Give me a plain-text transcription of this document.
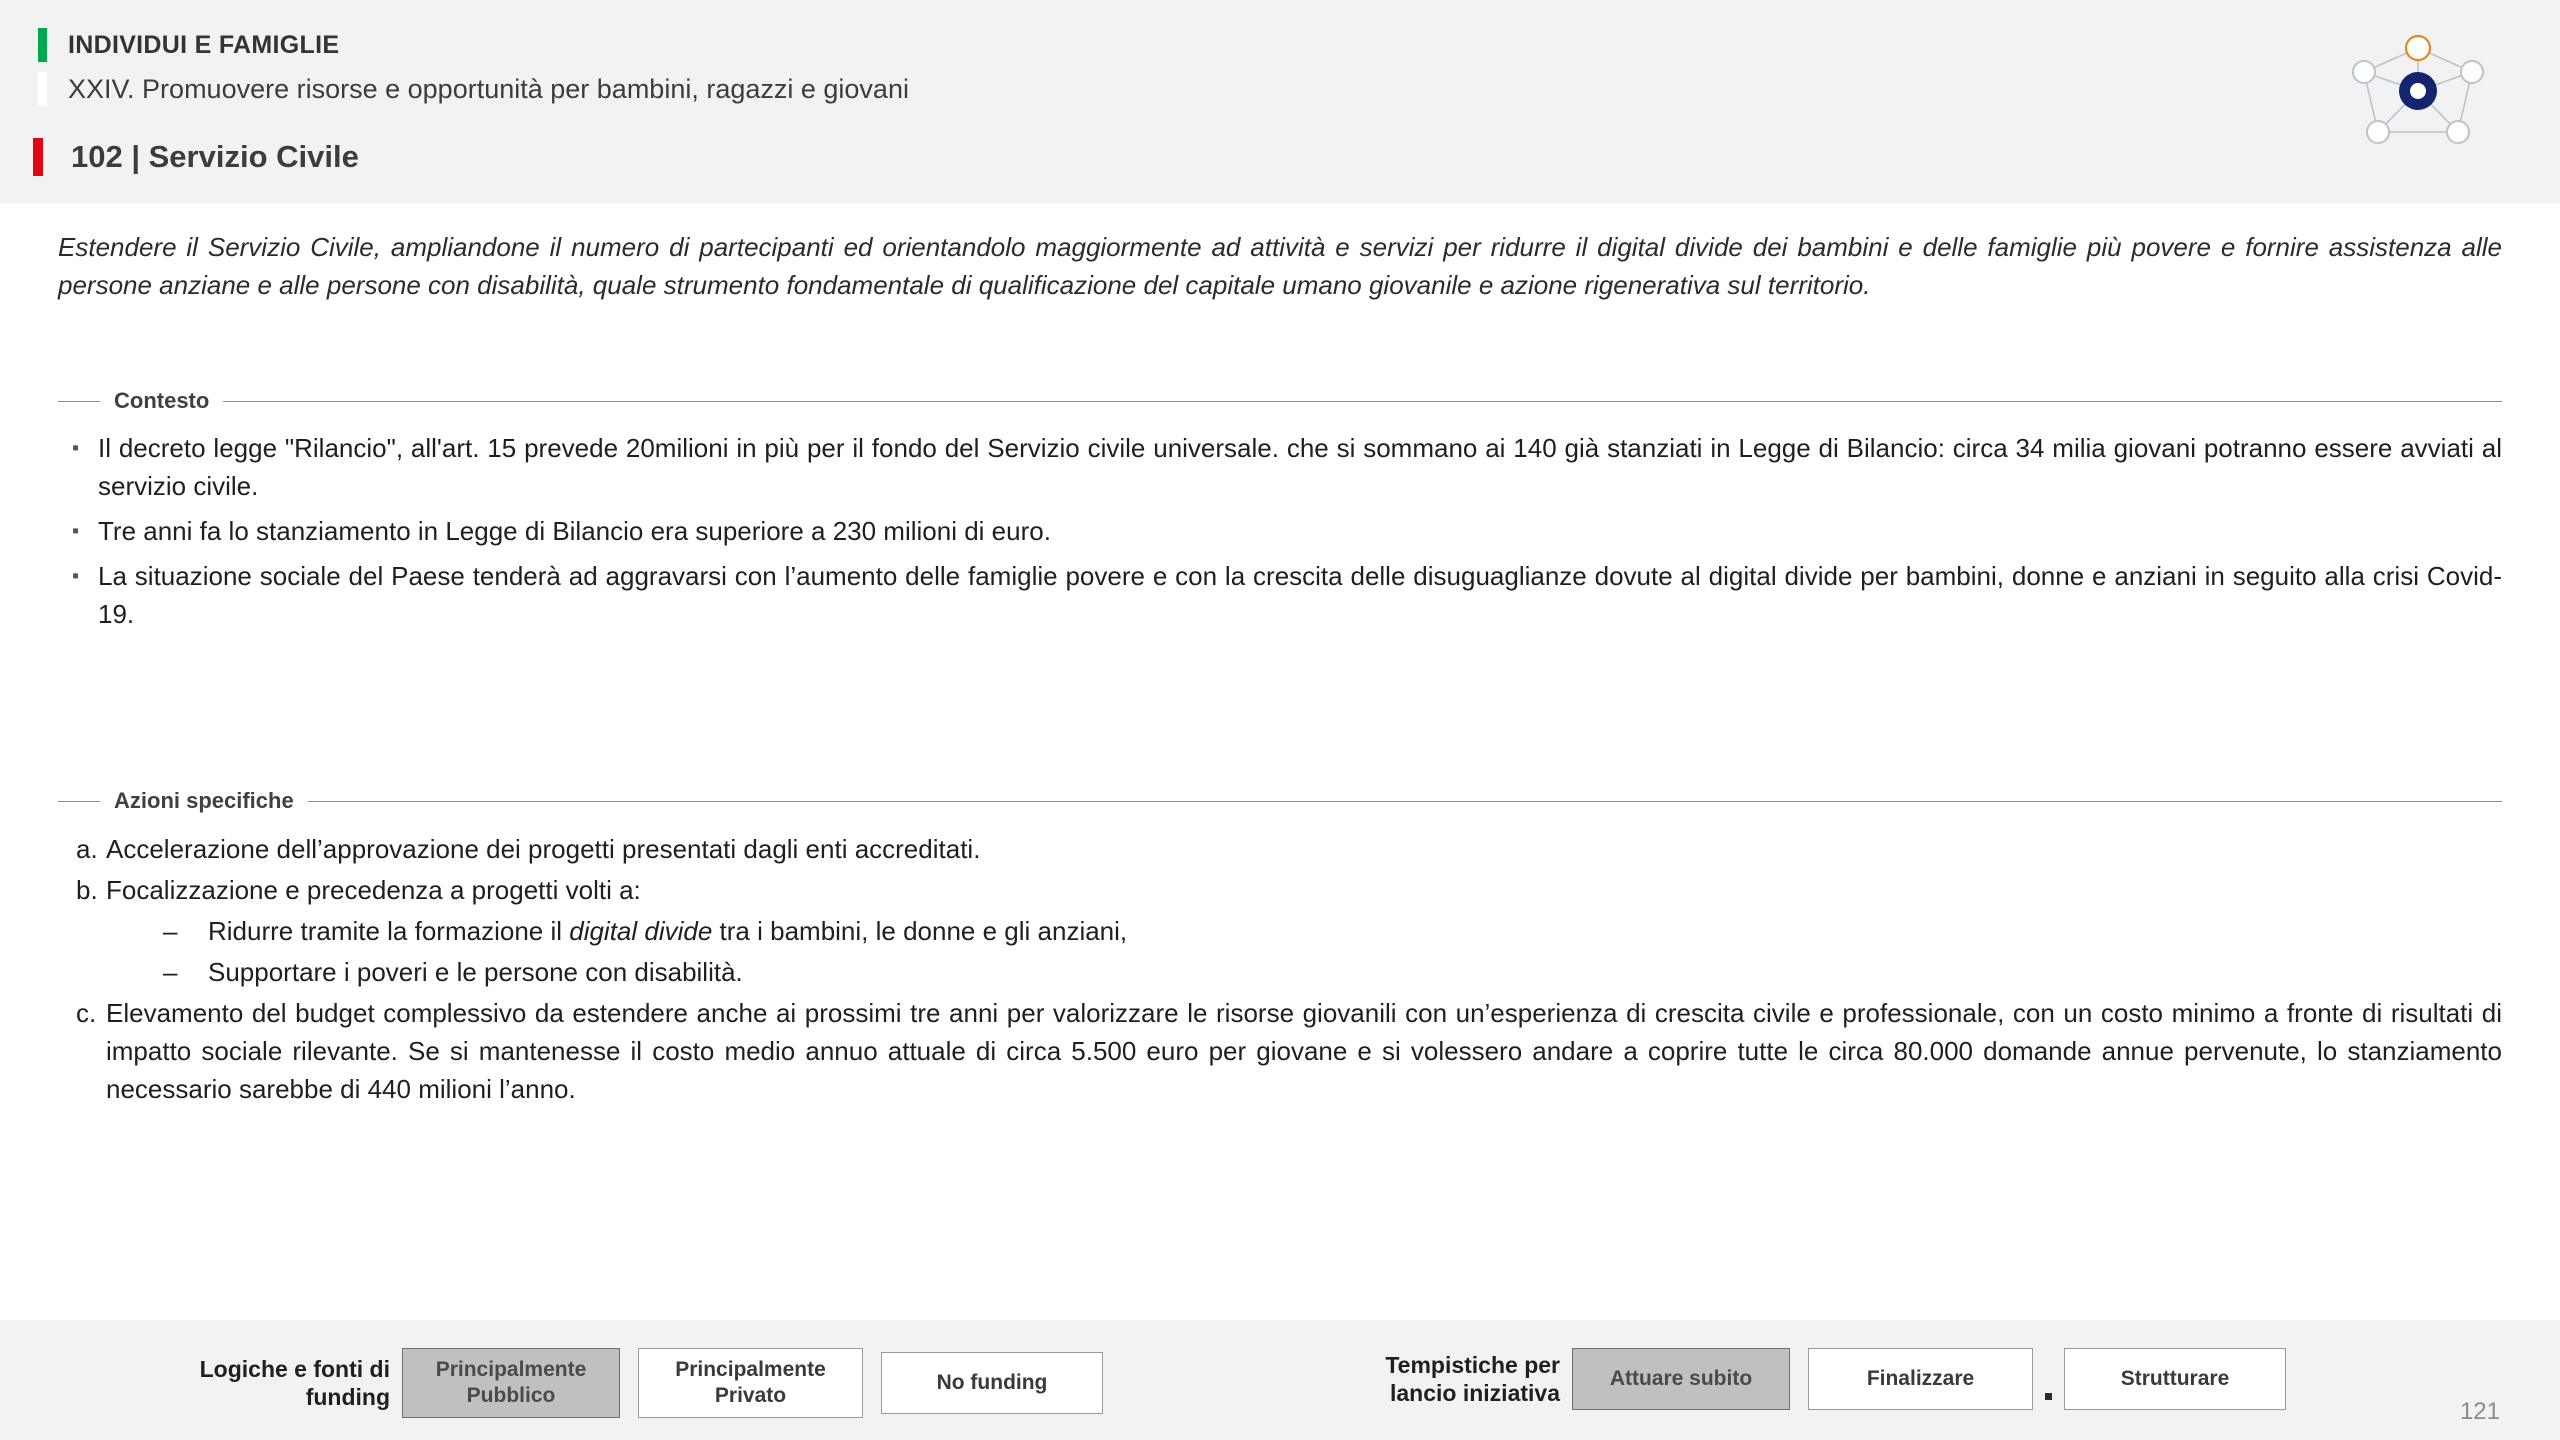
INDIVIDUI E FAMIGLIE
XXIV. Promuovere risorse e opportunità per bambini, ragazzi e giovani
102 | Servizio Civile
Estendere il Servizio Civile, ampliandone il numero di partecipanti ed orientandolo maggiormente ad attività e servizi per ridurre il digital divide dei bambini e delle famiglie più povere e fornire assistenza alle persone anziane e alle persone con disabilità, quale strumento fondamentale di qualificazione del capitale umano giovanile e azione rigenerativa sul territorio.
Contesto
▪ Il decreto legge "Rilancio", all'art. 15 prevede 20milioni in più per il fondo del Servizio civile universale. che si sommano ai 140 già stanziati in Legge di Bilancio: circa 34 milia giovani potranno essere avviati al servizio civile.
▪ Tre anni fa lo stanziamento in Legge di Bilancio era superiore a 230 milioni di euro.
▪ La situazione sociale del Paese tenderà ad aggravarsi con l’aumento delle famiglie povere e con la crescita delle disuguaglianze dovute al digital divide per bambini, donne e anziani in seguito alla crisi Covid-19.
Azioni specifiche
a. Accelerazione dell’approvazione dei progetti presentati dagli enti accreditati.
b. Focalizzazione e precedenza a progetti volti a:
–	Ridurre tramite la formazione il digital divide tra i bambini, le donne e gli anziani,
–	Supportare i poveri e le persone con disabilità.
c. Elevamento del budget complessivo da estendere anche ai prossimi tre anni per valorizzare le risorse giovanili con un’esperienza di crescita civile e professionale, con un costo minimo a fronte di risultati di impatto sociale rilevante. Se si mantenesse il costo medio annuo attuale di circa 5.500 euro per giovane e si volessero andare a coprire tutte le circa 80.000 domande annue pervenute, lo stanziamento necessario sarebbe di 440 milioni l’anno.
Logiche e fonti di funding
Principalmente Pubblico
Principalmente Privato
No funding
Tempistiche per lancio iniziativa
Attuare subito	Finalizzare	Strutturare
121
